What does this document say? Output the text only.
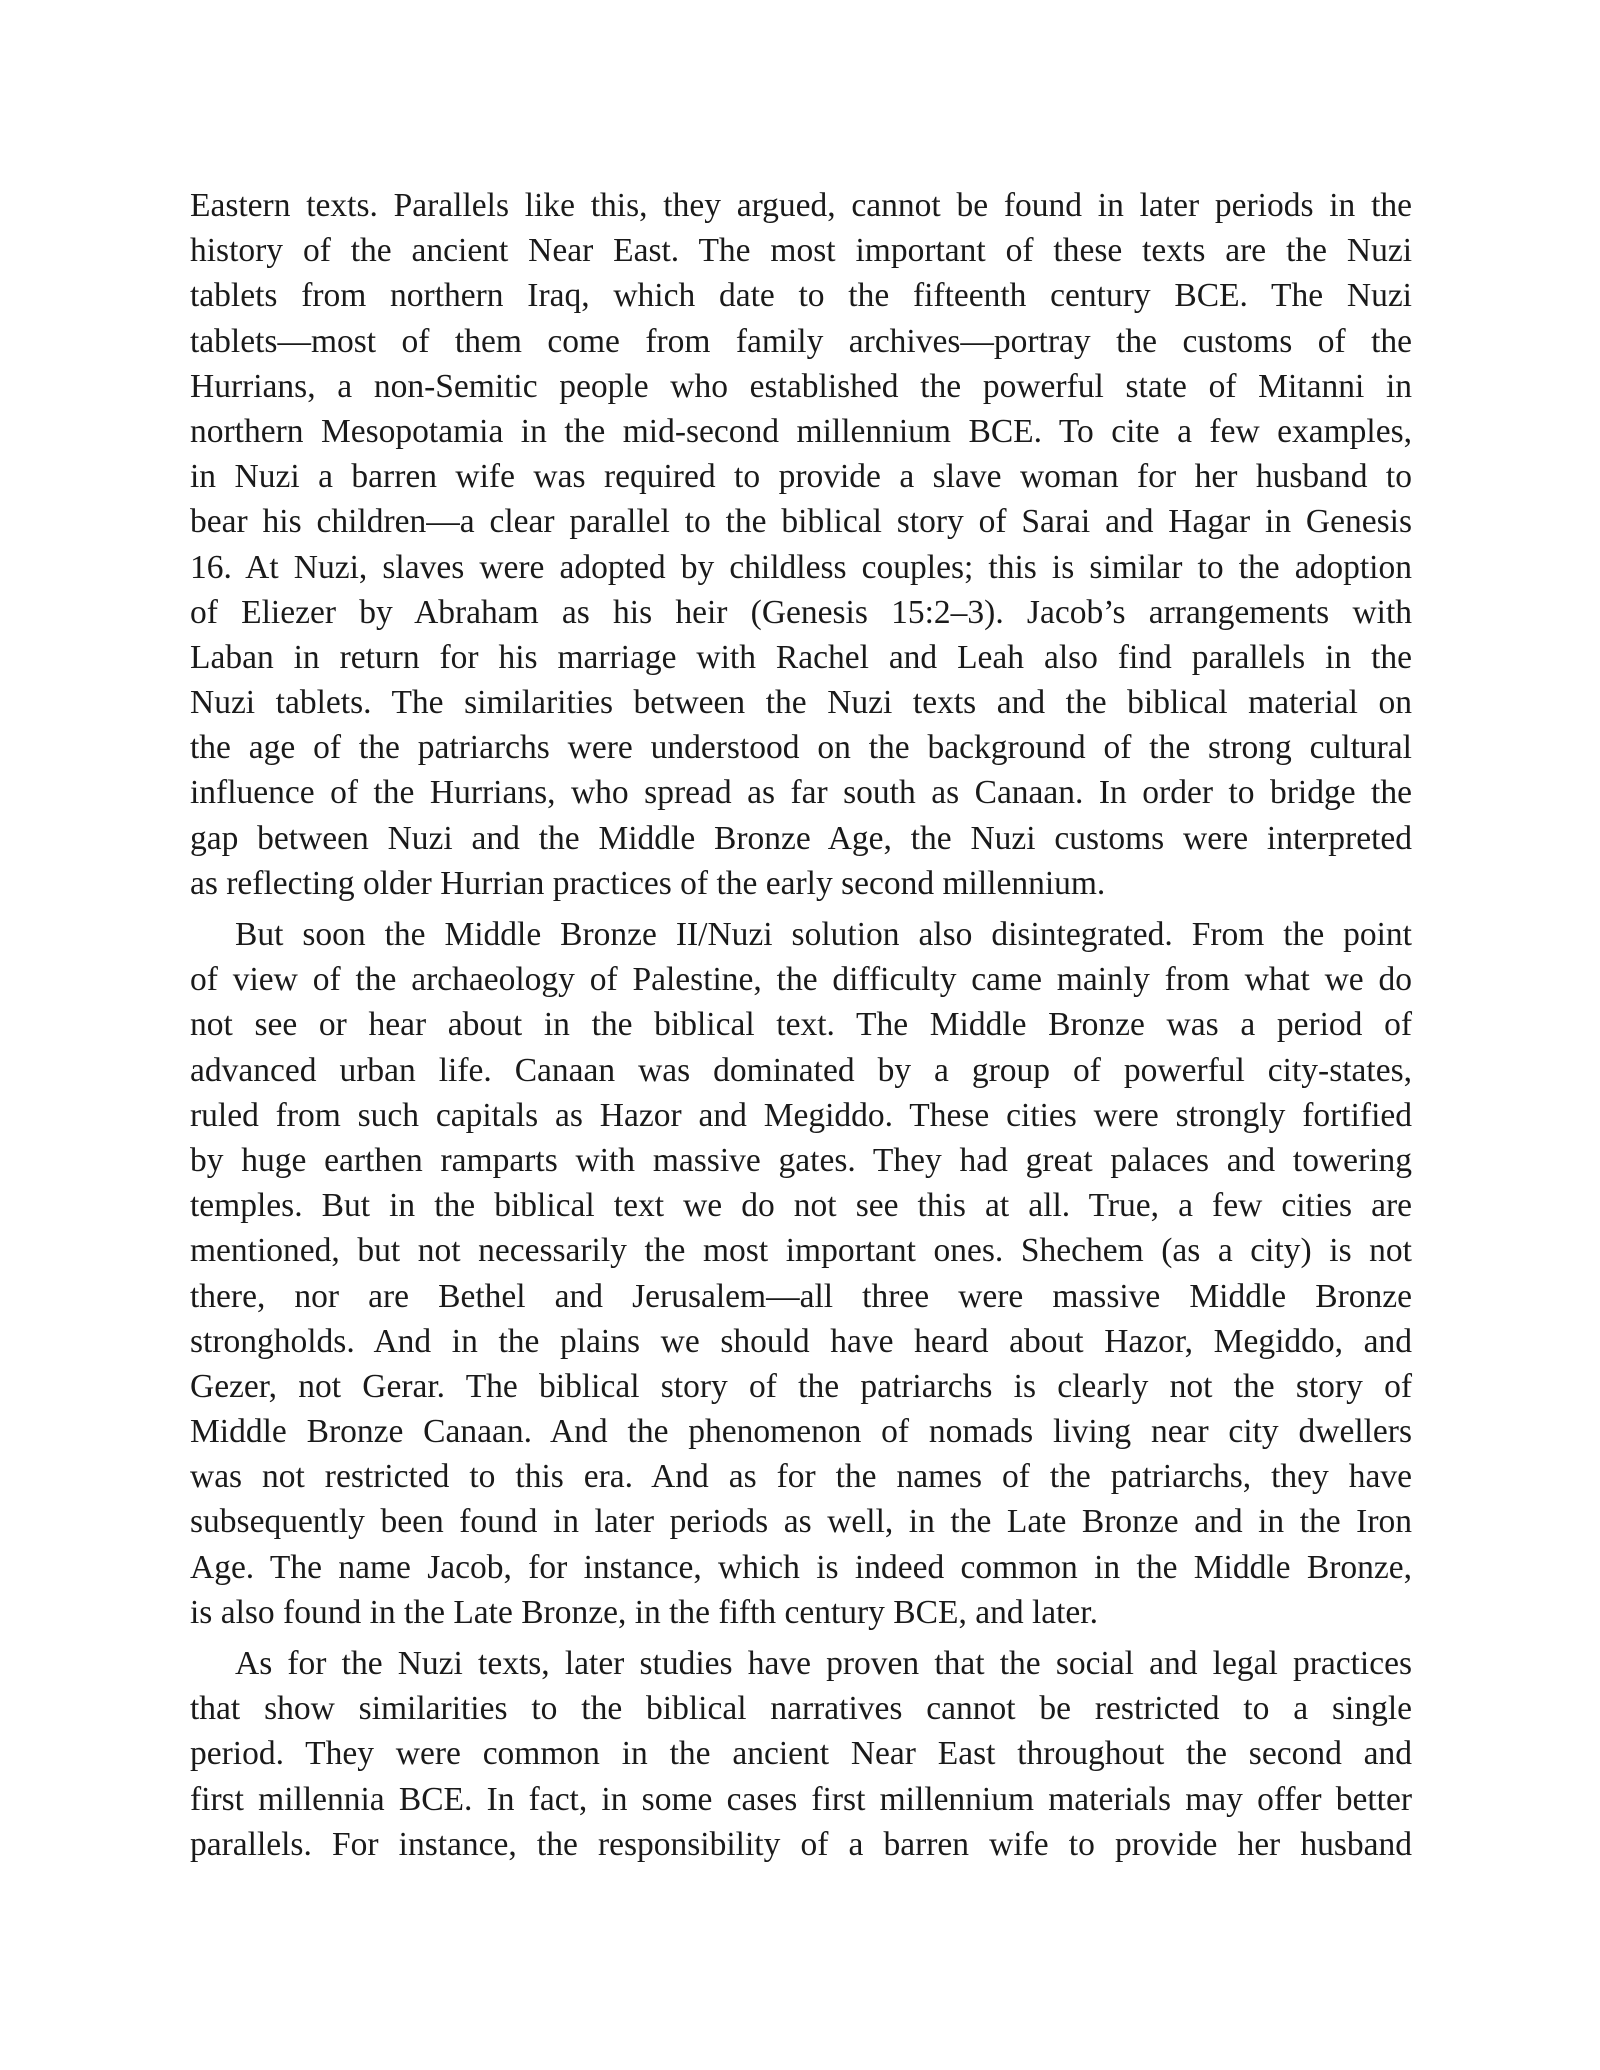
Eastern texts. Parallels like this, they argued, cannot be found in later periods in the
history of the ancient Near East. The most important of these texts are the Nuzi
tablets from northern Iraq, which date to the fifteenth century BCE. The Nuzi
tablets—most of them come from family archives—portray the customs of the
Hurrians, a non-Semitic people who established the powerful state of Mitanni in
northern Mesopotamia in the mid-second millennium BCE. To cite a few examples,
in Nuzi a barren wife was required to provide a slave woman for her husband to
bear his children—a clear parallel to the biblical story of Sarai and Hagar in Genesis
16. At Nuzi, slaves were adopted by childless couples; this is similar to the adoption
of Eliezer by Abraham as his heir (Genesis 15:2–3). Jacob’s arrangements with
Laban in return for his marriage with Rachel and Leah also find parallels in the
Nuzi tablets. The similarities between the Nuzi texts and the biblical material on
the age of the patriarchs were understood on the background of the strong cultural
influence of the Hurrians, who spread as far south as Canaan. In order to bridge the
gap between Nuzi and the Middle Bronze Age, the Nuzi customs were interpreted
as reflecting older Hurrian practices of the early second millennium.
But soon the Middle Bronze II/Nuzi solution also disintegrated. From the point
of view of the archaeology of Palestine, the difficulty came mainly from what we do
not see or hear about in the biblical text. The Middle Bronze was a period of
advanced urban life. Canaan was dominated by a group of powerful city-states,
ruled from such capitals as Hazor and Megiddo. These cities were strongly fortified
by huge earthen ramparts with massive gates. They had great palaces and towering
temples. But in the biblical text we do not see this at all. True, a few cities are
mentioned, but not necessarily the most important ones. Shechem (as a city) is not
there, nor are Bethel and Jerusalem—all three were massive Middle Bronze
strongholds. And in the plains we should have heard about Hazor, Megiddo, and
Gezer, not Gerar. The biblical story of the patriarchs is clearly not the story of
Middle Bronze Canaan. And the phenomenon of nomads living near city dwellers
was not restricted to this era. And as for the names of the patriarchs, they have
subsequently been found in later periods as well, in the Late Bronze and in the Iron
Age. The name Jacob, for instance, which is indeed common in the Middle Bronze,
is also found in the Late Bronze, in the fifth century BCE, and later.
As for the Nuzi texts, later studies have proven that the social and legal practices
that show similarities to the biblical narratives cannot be restricted to a single
period. They were common in the ancient Near East throughout the second and
first millennia BCE. In fact, in some cases first millennium materials may offer better
parallels. For instance, the responsibility of a barren wife to provide her husband
